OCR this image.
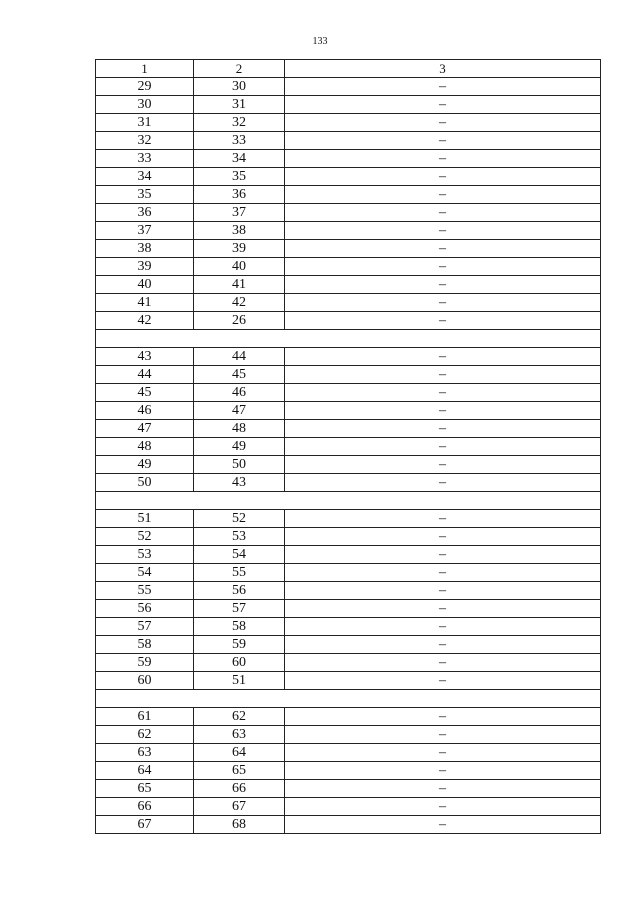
133
1	2	3
29	30	–
30	31	–
31	32	–
32	33	–
33	34	–
34	35	–
35	36	–
36	37	–
37	38	–
38	39	–
39	40	–
40	41	–
41	42	–
42	26	–

43	44	–
44	45	–
45	46	–
46	47	–
47	48	–
48	49	–
49	50	–
50	43	–

51	52	–
52	53	–
53	54	–
54	55	–
55	56	–
56	57	–
57	58	–
58	59	–
59	60	–
60	51	–

61	62	–
62	63	–
63	64	–
64	65	–
65	66	–
66	67	–
67	68	–
